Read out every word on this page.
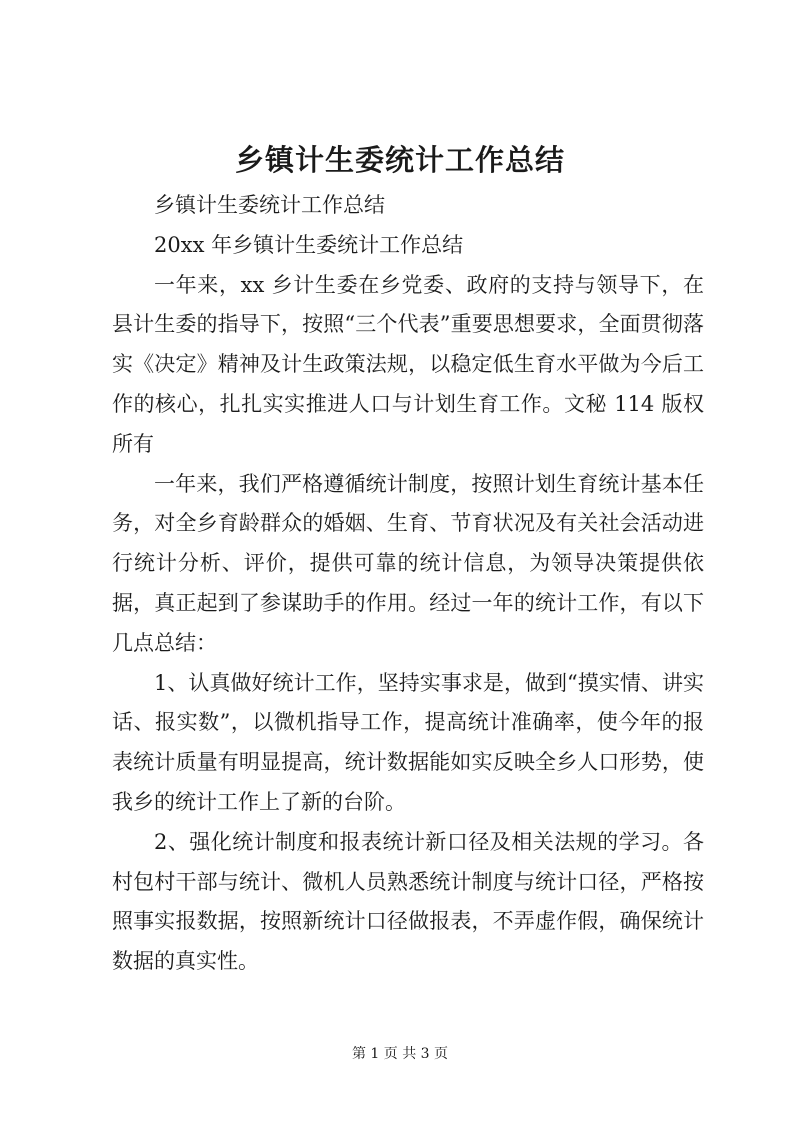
乡镇计生委统计工作总结

乡镇计生委统计工作总结

20xx 年乡镇计生委统计工作总结

一年来，xx 乡计生委在乡党委、政府的支持与领导下，在县计生委的指导下，按照“三个代表”重要思想要求，全面贯彻落实《决定》精神及计生政策法规，以稳定低生育水平做为今后工作的核心，扎扎实实推进人口与计划生育工作。文秘 114 版权所有

一年来，我们严格遵循统计制度，按照计划生育统计基本任务，对全乡育龄群众的婚姻、生育、节育状况及有关社会活动进行统计分析、评价，提供可靠的统计信息，为领导决策提供依据，真正起到了参谋助手的作用。经过一年的统计工作，有以下几点总结：

1、认真做好统计工作，坚持实事求是，做到“摸实情、讲实话、报实数”，以微机指导工作，提高统计准确率，使今年的报表统计质量有明显提高，统计数据能如实反映全乡人口形势，使我乡的统计工作上了新的台阶。

2、强化统计制度和报表统计新口径及相关法规的学习。各村包村干部与统计、微机人员熟悉统计制度与统计口径，严格按照事实报数据，按照新统计口径做报表，不弄虚作假，确保统计数据的真实性。

第 1 页 共 3 页
